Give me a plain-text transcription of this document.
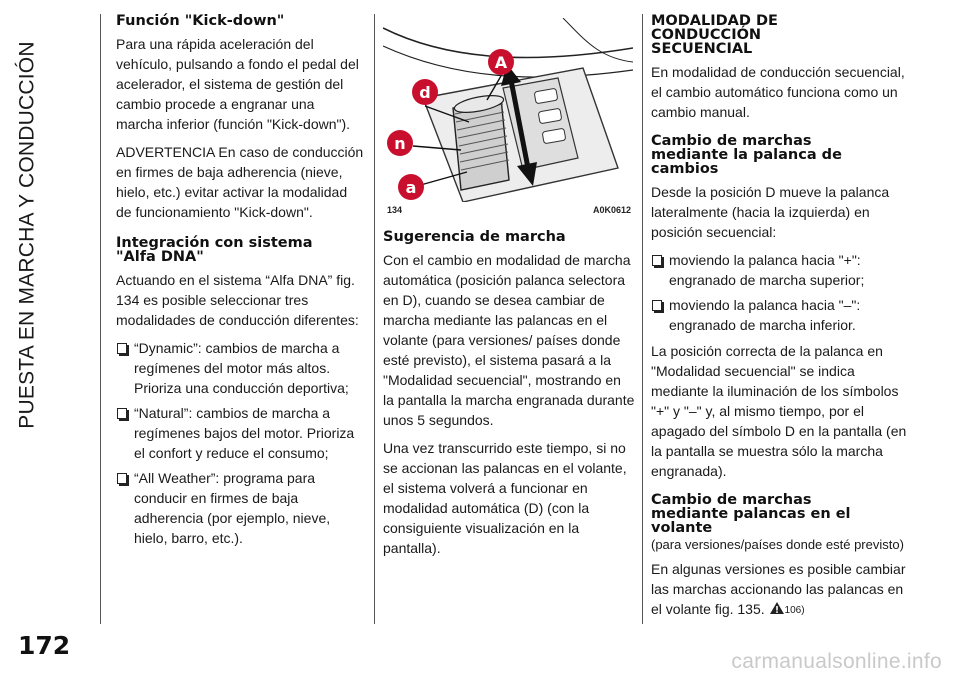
PUESTA EN MARCHA Y CONDUCCIÓN
172
carmanualsonline.info
Función "Kick-down"

Para una rápida aceleración del vehículo, pulsando a fondo el pedal del acelerador, el sistema de gestión del cambio procede a engranar una marcha inferior (función "Kick-down").

ADVERTENCIA En caso de conducción en firmes de baja adherencia (nieve, hielo, etc.) evitar activar la modalidad de funcionamiento "Kick-down".

Integración con sistema
"Alfa DNA"

Actuando en el sistema “Alfa DNA” fig. 134 es posible seleccionar tres modalidades de conducción diferentes:

“Dynamic”: cambios de marcha a regímenes del motor más altos. Prioriza una conducción deportiva;
“Natural”: cambios de marcha a regímenes bajos del motor. Prioriza el confort y reduce el consumo;
“All Weather”: programa para conducir en firmes de baja adherencia (por ejemplo, nieve, hielo, barro, etc.).
d
A
n
a
134	A0K0612
Sugerencia de marcha

Con el cambio en modalidad de marcha automática (posición palanca selectora en D), cuando se desea cambiar de marcha mediante las palancas en el volante (para versiones/ países donde esté previsto), el sistema pasará a la "Modalidad secuencial", mostrando en la pantalla la marcha engranada durante unos 5 segundos.

Una vez transcurrido este tiempo, si no se accionan las palancas en el volante, el sistema volverá a funcionar en modalidad automática (D) (con la consiguiente visualización en la pantalla).

MODALIDAD DE
CONDUCCIÓN
SECUENCIAL

En modalidad de conducción secuencial, el cambio automático funciona como un cambio manual.

Cambio de marchas
mediante la palanca de
cambios

Desde la posición D mueve la palanca lateralmente (hacia la izquierda) en posición secuencial:

moviendo la palanca hacia "+": engranado de marcha superior;
moviendo la palanca hacia "–": engranado de marcha inferior.

La posición correcta de la palanca en "Modalidad secuencial" se indica mediante la iluminación de los símbolos "+" y "–" y, al mismo tiempo, por el apagado del símbolo D en la pantalla (en la pantalla se muestra sólo la marcha engranada).

Cambio de marchas
mediante palancas en el
volante

(para versiones/países donde esté previsto)

En algunas versiones es posible cambiar las marchas accionando las palancas en el volante fig. 135. 106)
